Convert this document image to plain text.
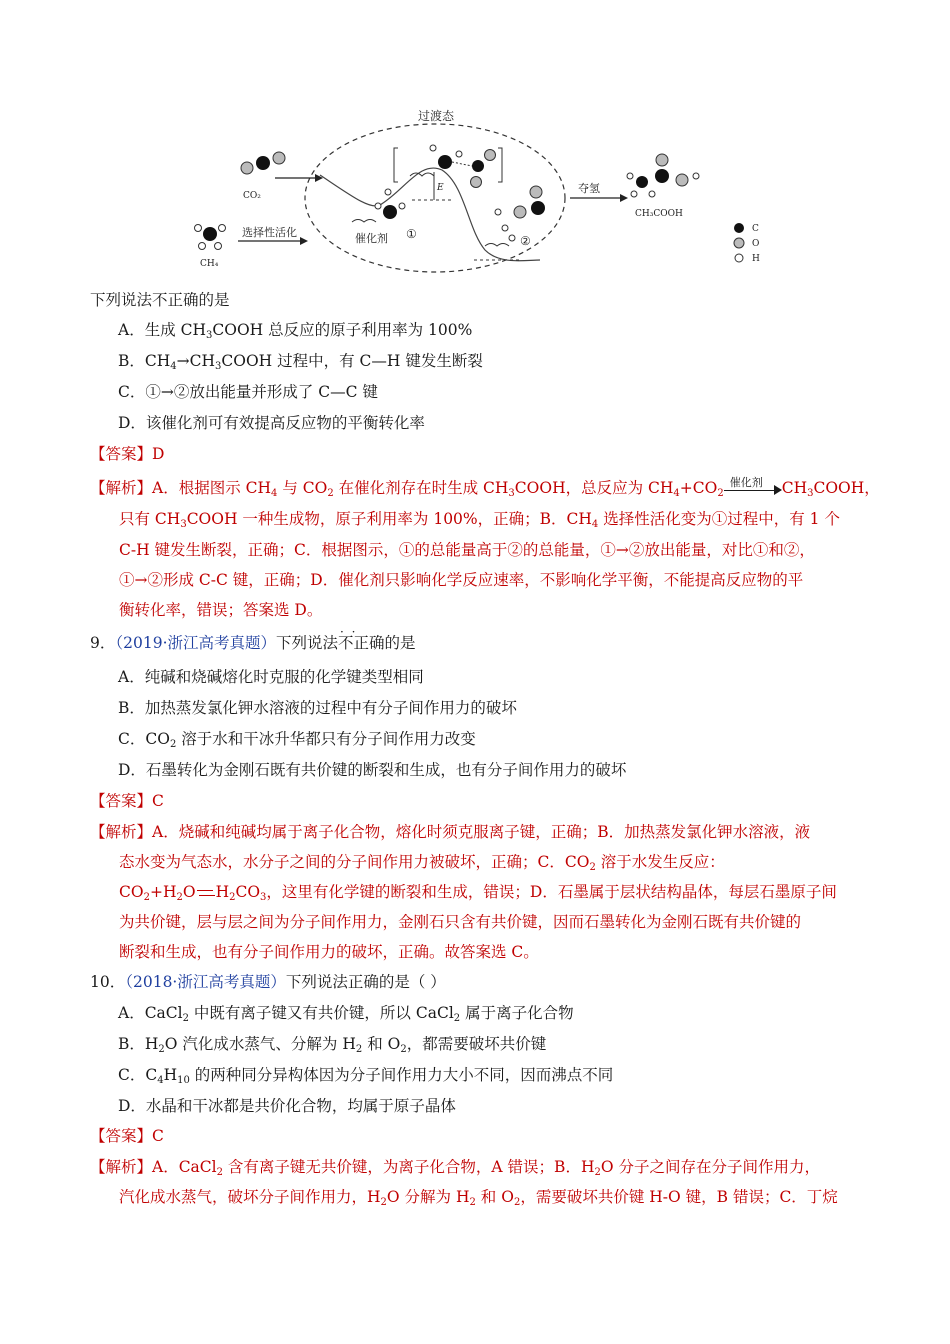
过渡态
CO₂
CH₄
选择性活化
E
催化剂 ①	②
夺氢
CH₃COOH
C
O
H
下列说法不正确的是
A．生成 $CH_3COOH$ 总反应的原子利用率为 100%
B．$CH_4\to CH_3COOH$ 过程中，有 C—H 键发生断裂
C．①→②放出能量并形成了 C—C 键
D．该催化剂可有效提高反应物的平衡转化率
【答案】D
【解析】A．根据图示 $CH_4$ 与 $CO_2$ 在催化剂存在时生成 $CH_3COOH$，总反应为 $CH_4+CO_2$
催化剂 $CH_3COOH$，
只有 $CH_3COOH$ 一种生成物，原子利用率为 100%，正确；B．$CH_4$ 选择性活化变为①过程中，有 1 个
C-H 键发生断裂，正确；C．根据图示，①的总能量高于②的总能量，①→②放出能量，对比①和②，
①→②形成 C-C 键，正确；D．催化剂只影响化学反应速率，不影响化学平衡，不能提高反应物的平
衡转化率，错误；答案选 D。
9．（2019·浙江高考真题）下列说法· · 不正确的是
A．纯碱和烧碱熔化时克服的化学键类型相同
B．加热蒸发氯化钾水溶液的过程中有分子间作用力的破坏
C．$CO_2$ 溶于水和干冰升华都只有分子间作用力改变
D．石墨转化为金刚石既有共价键的断裂和生成，也有分子间作用力的破坏
【答案】C
【解析】A．烧碱和纯碱均属于离子化合物，熔化时须克服离子键，正确；B．加热蒸发氯化钾水溶液，液
态水变为气态水，水分子之间的分子间作用力被破坏，正确；C．$CO_2$ 溶于水发生反应：
$CO_2+H_2O$ $H_2CO_3$，这里有化学键的断裂和生成，错误；D．石墨属于层状结构晶体，每层石墨原子间
为共价键，层与层之间为分子间作用力，金刚石只含有共价键，因而石墨转化为金刚石既有共价键的
断裂和生成，也有分子间作用力的破坏，正确。故答案选 C。
10．（2018·浙江高考真题）下列说法正确的是（ ）
A．CaCl$_2$ 中既有离子键又有共价键，所以 CaCl$_2$ 属于离子化合物
B．$H_2O$ 汽化成水蒸气、分解为 $H_2$ 和 $O_2$，都需要破坏共价键
C．$C_4H_{10}$ 的两种同分异构体因为分子间作用力大小不同，因而沸点不同
D．水晶和干冰都是共价化合物，均属于原子晶体
【答案】C
【解析】A．CaCl$_2$ 含有离子键无共价键，为离子化合物，A 错误；B．$H_2O$ 分子之间存在分子间作用力，
汽化成水蒸气，破坏分子间作用力，$H_2O$ 分解为 $H_2$ 和 $O_2$，需要破坏共价键 H-O 键，B 错误；C．丁烷
